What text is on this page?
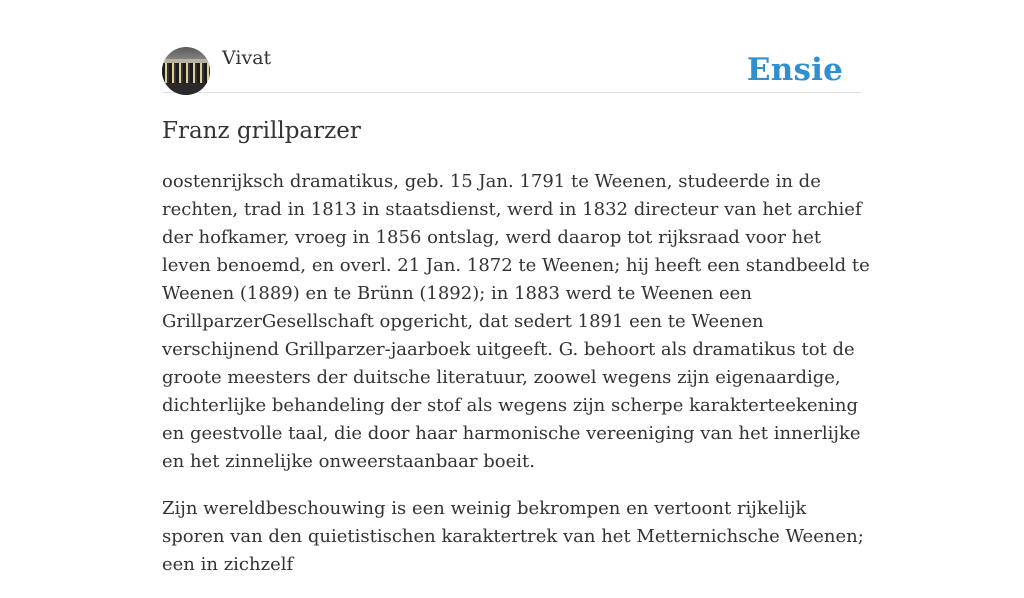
Vivat	Ensie
Franz grillparzer

oostenrijksch dramatikus, geb. 15 Jan. 1791 te Weenen, studeerde in de rechten, trad in 1813 in staatsdienst, werd in 1832 directeur van het archief der hofkamer, vroeg in 1856 ontslag, werd daarop tot rijksraad voor het leven benoemd, en overl. 21 Jan. 1872 te Weenen; hij heeft een standbeeld te Weenen (1889) en te Brünn (1892); in 1883 werd te Weenen een GrillparzerGesellschaft opgericht, dat sedert 1891 een te Weenen verschijnend Grillparzer-jaarboek uitgeeft. G. behoort als dramatikus tot de groote meesters der duitsche literatuur, zoowel wegens zijn eigenaardige, dichterlijke behandeling der stof als wegens zijn scherpe karakterteekening en geestvolle taal, die door haar harmonische vereeniging van het innerlijke en het zinnelijke onweerstaanbaar boeit.

Zijn wereldbeschouwing is een weinig bekrompen en vertoont rijkelijk sporen van den quietistischen karaktertrek van het Metternichsche Weenen; een in zichzelf
